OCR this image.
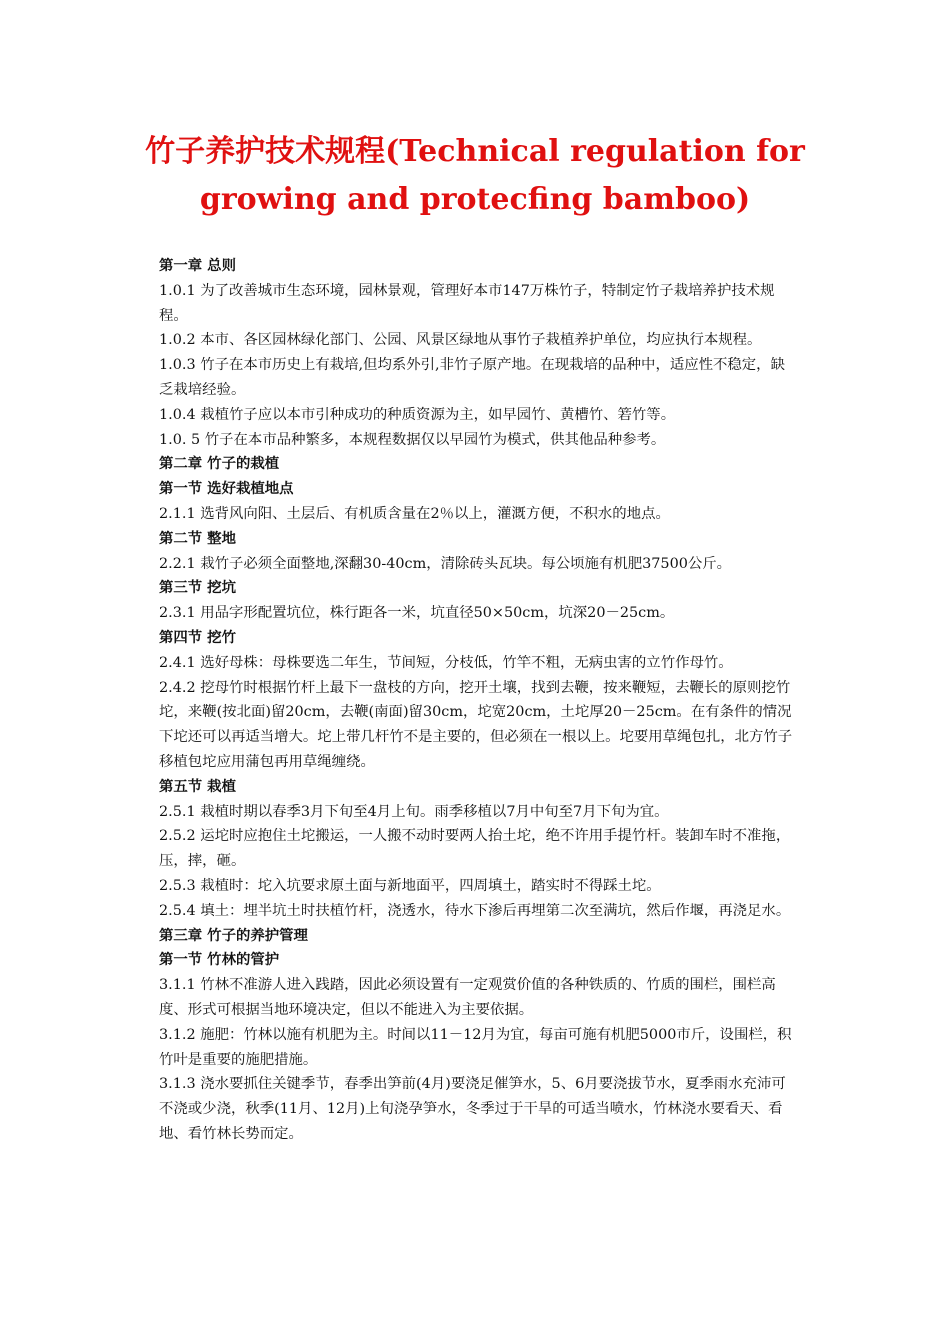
竹子养护技术规程(Technical regulation for
growing and protecfing bamboo)

第一章 总则

1.0.1 为了改善城市生态环境，园林景观，管理好本市147万株竹子，特制定竹子栽培养护技术规程。

1.0.2 本市、各区园林绿化部门、公园、风景区绿地从事竹子栽植养护单位，均应执行本规程。

1.0.3 竹子在本市历史上有栽培,但均系外引,非竹子原产地。在现栽培的品种中，适应性不稳定，缺乏栽培经验。

1.0.4 栽植竹子应以本市引种成功的种质资源为主，如早园竹、黄槽竹、箬竹等。

1.0. 5 竹子在本市品种繁多，本规程数据仅以早园竹为模式，供其他品种参考。

第二章 竹子的栽植

第一节 选好栽植地点

2.1.1 选背风向阳、土层后、有机质含量在2％以上，灌溉方便，不积水的地点。

第二节 整地

2.2.1 栽竹子必须全面整地,深翻30-40cm，清除砖头瓦块。每公顷施有机肥37500公斤。

第三节 挖坑

2.3.1 用品字形配置坑位，株行距各一米，坑直径50×50cm，坑深20－25cm。

第四节 挖竹

2.4.1 选好母株：母株要选二年生，节间短，分枝低，竹竿不粗，无病虫害的立竹作母竹。

2.4.2 挖母竹时根据竹杆上最下一盘枝的方向，挖开土壤，找到去鞭，按来鞭短，去鞭长的原则挖竹坨，来鞭(按北面)留20cm，去鞭(南面)留30cm，坨宽20cm，土坨厚20－25cm。在有条件的情况下坨还可以再适当增大。坨上带几杆竹不是主要的，但必须在一根以上。坨要用草绳包扎，北方竹子移植包坨应用蒲包再用草绳缠绕。

第五节 栽植

2.5.1 栽植时期以春季3月下旬至4月上旬。雨季移植以7月中旬至7月下旬为宜。

2.5.2 运坨时应抱住土坨搬运，一人搬不动时要两人抬土坨，绝不许用手提竹杆。装卸车时不准拖，压，摔，砸。

2.5.3 栽植时：坨入坑要求原土面与新地面平，四周填土，踏实时不得踩土坨。

2.5.4 填土：埋半坑土时扶植竹杆，浇透水，待水下渗后再埋第二次至满坑，然后作堰，再浇足水。

第三章 竹子的养护管理

第一节 竹林的管护

3.1.1 竹林不准游人进入践踏，因此必须设置有一定观赏价值的各种铁质的、竹质的围栏，围栏高度、形式可根据当地环境决定，但以不能进入为主要依据。

3.1.2 施肥：竹林以施有机肥为主。时间以11－12月为宜，每亩可施有机肥5000市斤，设围栏，积竹叶是重要的施肥措施。

3.1.3 浇水要抓住关键季节，春季出笋前(4月)要浇足催笋水，5、6月要浇拔节水，夏季雨水充沛可不浇或少浇，秋季(11月、12月)上旬浇孕笋水，冬季过于干旱的可适当喷水，竹林浇水要看天、看地、看竹林长势而定。
